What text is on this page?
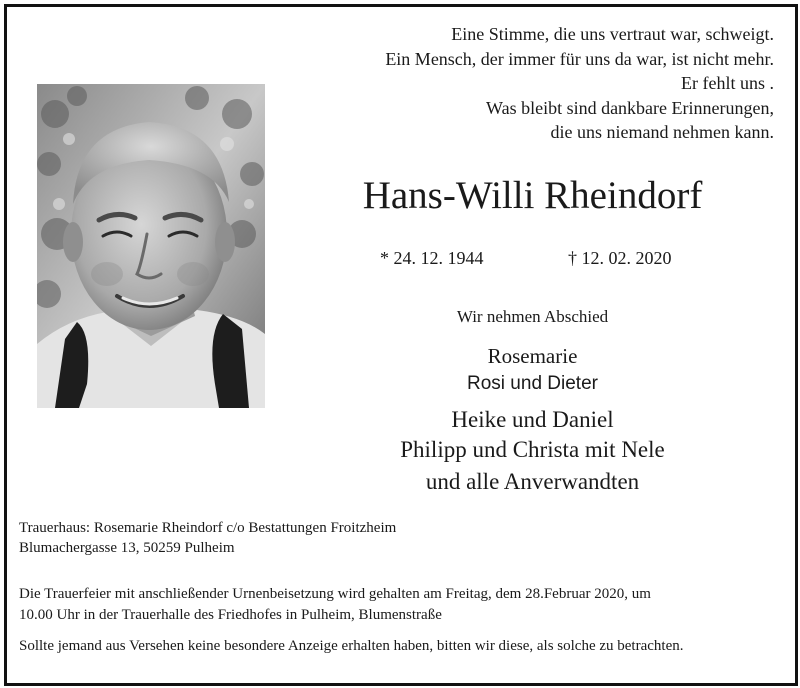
Eine Stimme, die uns vertraut war, schweigt.
Ein Mensch, der immer für uns da war, ist nicht mehr.
Er fehlt uns .
Was bleibt sind dankbare Erinnerungen,
die uns niemand nehmen kann.
Hans-Willi Rheindorf
* 24. 12. 1944	† 12. 02. 2020
Wir nehmen Abschied
Rosemarie
Rosi und Dieter
Heike und Daniel
Philipp und Christa mit Nele
und alle Anverwandten
Trauerhaus: Rosemarie Rheindorf c/o Bestattungen Froitzheim
Blumachergasse 13, 50259 Pulheim
Die Trauerfeier mit anschließender Urnenbeisetzung wird gehalten am Freitag, dem 28.Februar 2020, um
10.00 Uhr in der Trauerhalle des Friedhofes in Pulheim, Blumenstraße
Sollte jemand aus Versehen keine besondere Anzeige erhalten haben, bitten wir diese, als solche zu betrachten.
